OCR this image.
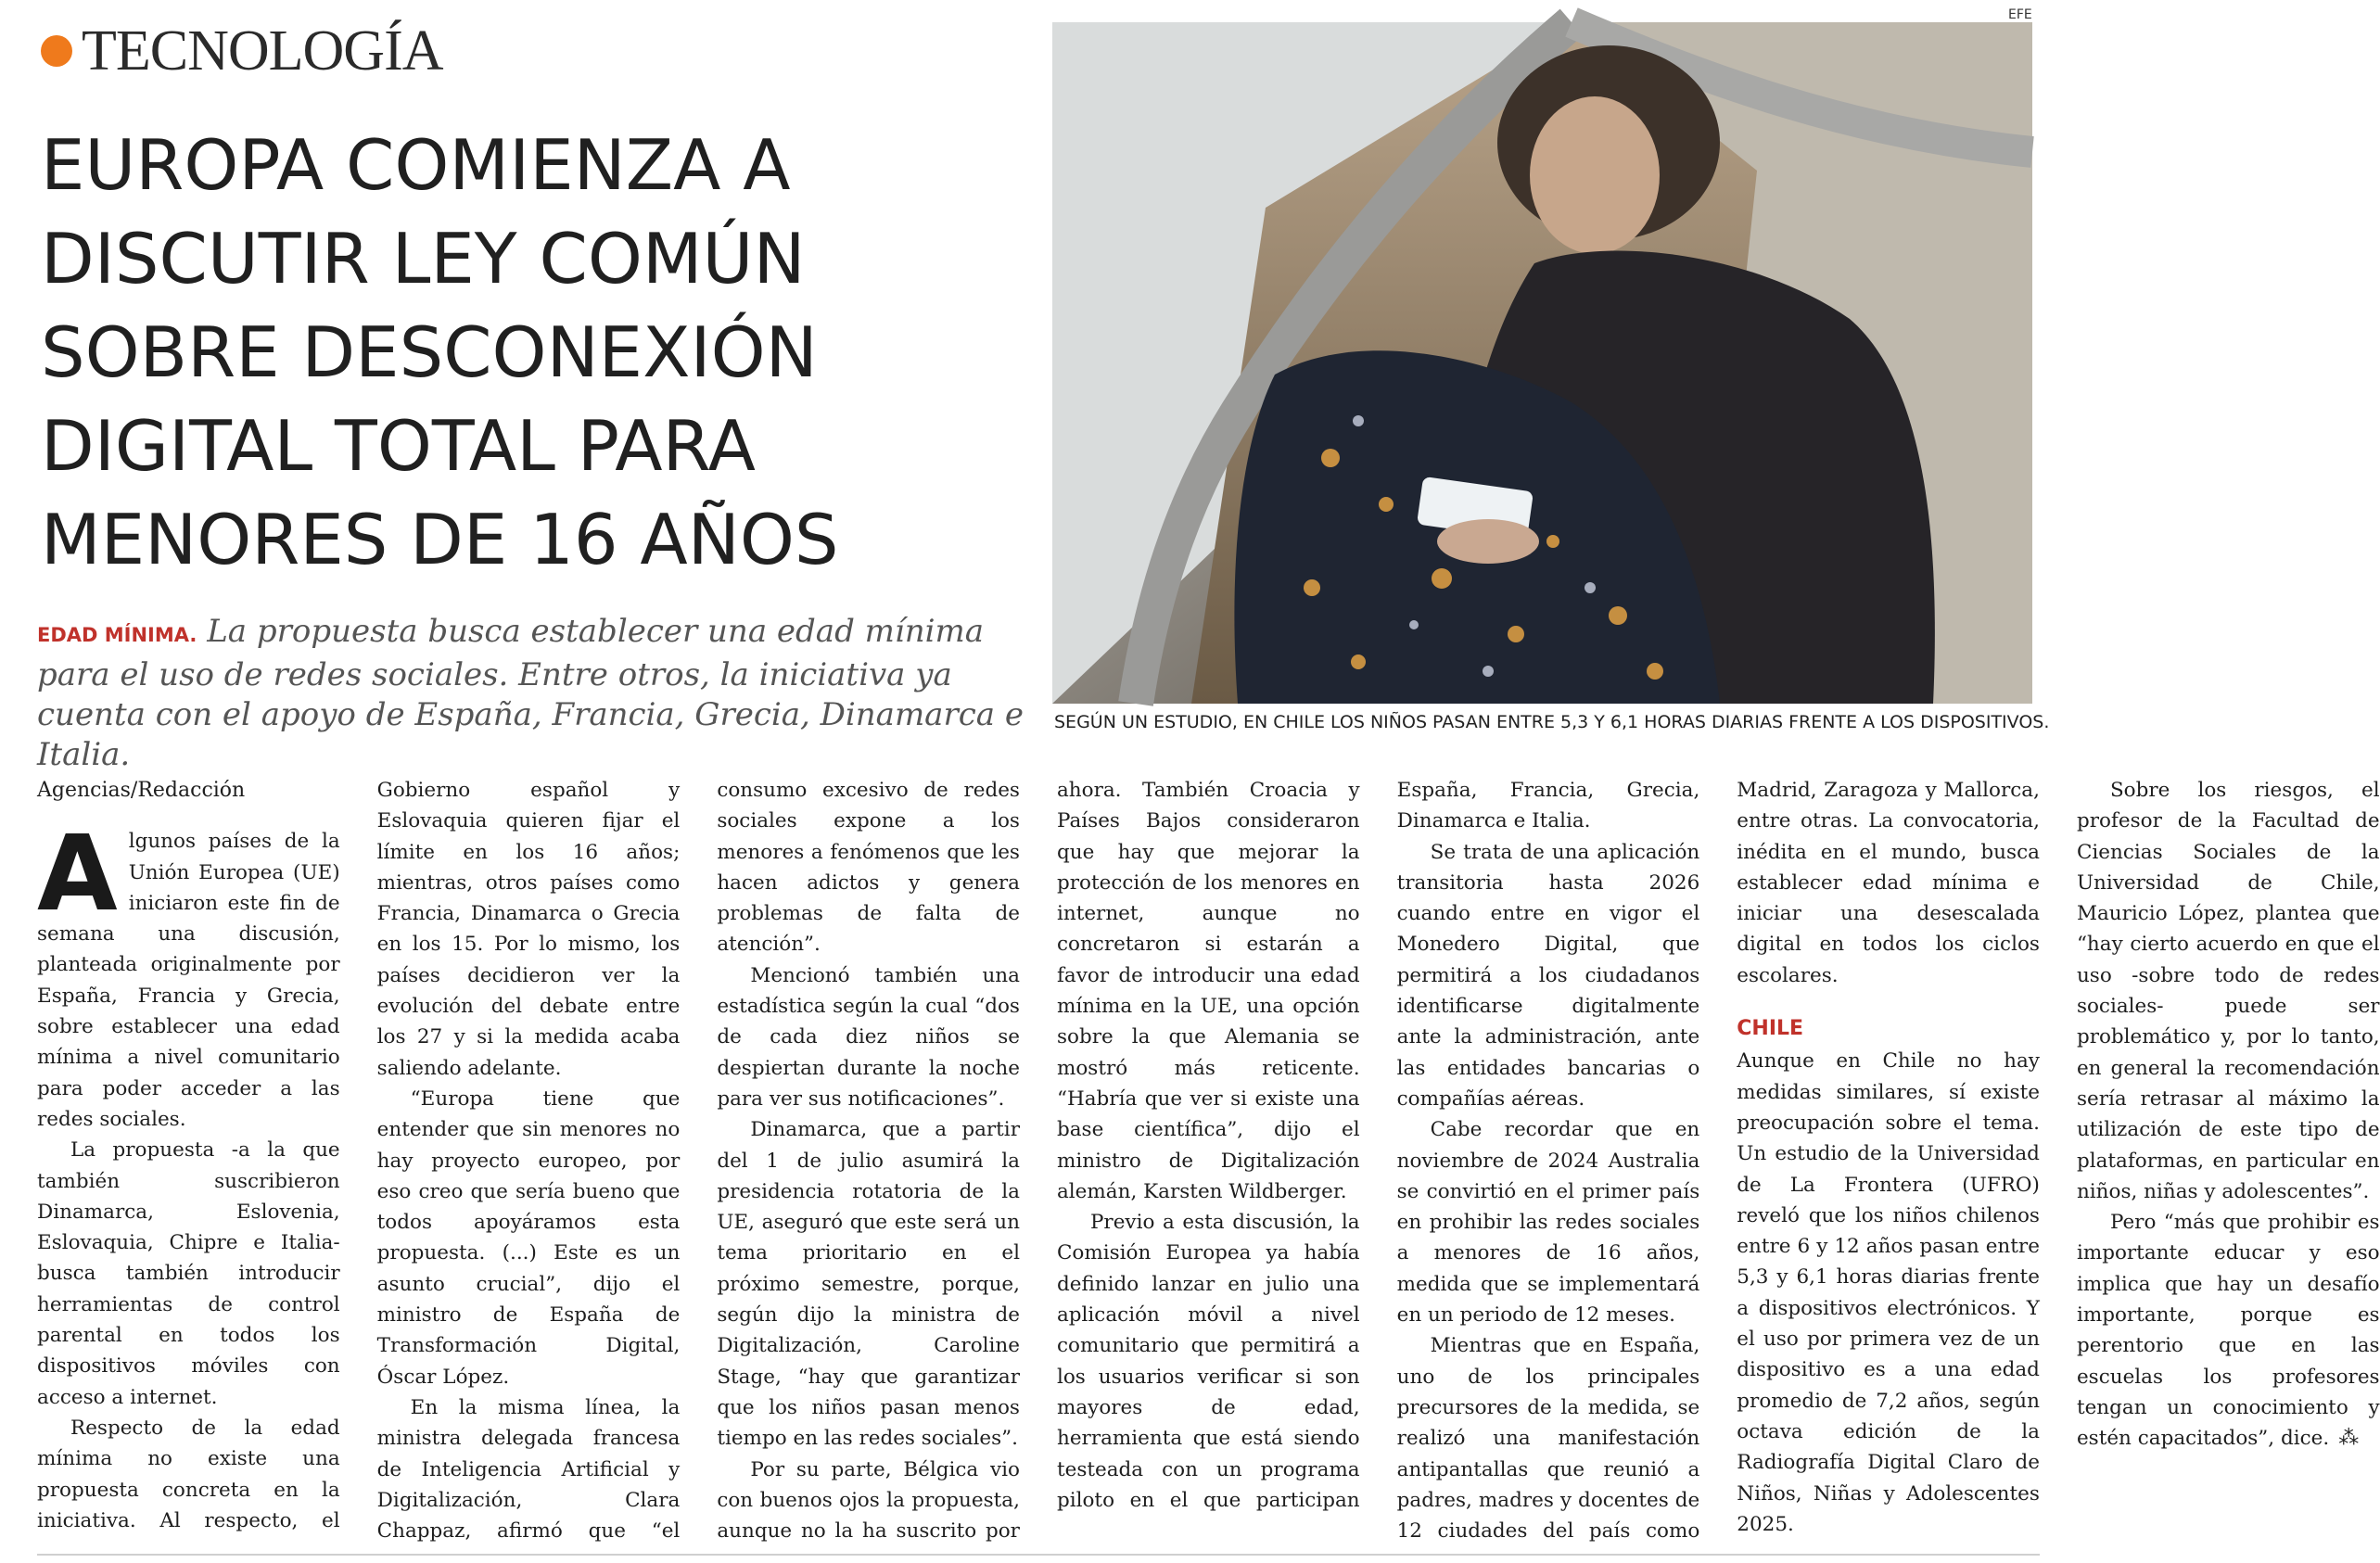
TECNOLOGÍA
EUROPA COMIENZA A
DISCUTIR LEY COMÚN
SOBRE DESCONEXIÓN
DIGITAL TOTAL PARA
MENORES DE 16 AÑOS
EDAD MÍNIMA. La propuesta busca establecer una edad mínima para el uso de redes sociales. Entre otros, la iniciativa ya cuenta con el apoyo de España, Francia, Grecia, Dinamarca e Italia.
EFE
SEGÚN UN ESTUDIO, EN CHILE LOS NIÑOS PASAN ENTRE 5,3 Y 6,1 HORAS DIARIAS FRENTE A LOS DISPOSITIVOS.

Agencias/Redacción

Algunos países de la Unión Europea (UE) iniciaron este fin de semana una discusión, planteada originalmente por España, Francia y Grecia, sobre establecer una edad mínima a nivel comunitario para poder acceder a las redes sociales.

La propuesta -a la que también suscribieron Dinamarca, Eslovenia, Eslovaquia, Chipre e Italia- busca también introducir herramientas de control parental en todos los dispositivos móviles con acceso a internet.

Respecto de la edad mínima no existe una propuesta concreta en la iniciativa. Al respecto, el Gobierno español y Eslovaquia quieren fijar el límite en los 16 años; mientras, otros países como Francia, Dinamarca o Grecia en los 15. Por lo mismo, los países decidieron ver la evolución del debate entre los 27 y si la medida acaba saliendo adelante.

“Europa tiene que entender que sin menores no hay proyecto europeo, por eso creo que sería bueno que todos apoyáramos esta propuesta. (...) Este es un asunto crucial”, dijo el ministro de España de Transformación Digital, Óscar López.

En la misma línea, la ministra delegada francesa de Inteligencia Artificial y Digitalización, Clara Chappaz, afirmó que “el consumo excesivo de redes sociales expone a los menores a fenómenos que les hacen adictos y genera problemas de falta de atención”.

Mencionó también una estadística según la cual “dos de cada diez niños se despiertan durante la noche para ver sus notificaciones”.

Dinamarca, que a partir del 1 de julio asumirá la presidencia rotatoria de la UE, aseguró que este será un tema prioritario en el próximo semestre, porque, según dijo la ministra de Digitalización, Caroline Stage, “hay que garantizar que los niños pasan menos tiempo en las redes sociales”.

Por su parte, Bélgica vio con buenos ojos la propuesta, aunque no la ha suscrito por ahora. También Croacia y Países Bajos consideraron que hay que mejorar la protección de los menores en internet, aunque no concretaron si estarán a favor de introducir una edad mínima en la UE, una opción sobre la que Alemania se mostró más reticente. “Habría que ver si existe una base científica”, dijo el ministro de Digitalización alemán, Karsten Wildberger.

Previo a esta discusión, la Comisión Europea ya había definido lanzar en julio una aplicación móvil a nivel comunitario que permitirá a los usuarios verificar si son mayores de edad, herramienta que está siendo testeada con un programa piloto en el que participan España, Francia, Grecia, Dinamarca e Italia.

Se trata de una aplicación transitoria hasta 2026 cuando entre en vigor el Monedero Digital, que permitirá a los ciudadanos identificarse digitalmente ante la administración, ante las entidades bancarias o compañías aéreas.

Cabe recordar que en noviembre de 2024 Australia se convirtió en el primer país en prohibir las redes sociales a menores de 16 años, medida que se implementará en un periodo de 12 meses.

Mientras que en España, uno de los principales precursores de la medida, se realizó una manifestación antipantallas que reunió a padres, madres y docentes de 12 ciudades del país como Madrid, Zaragoza y Mallorca, entre otras. La convocatoria, inédita en el mundo, busca establecer edad mínima e iniciar una desescalada digital en todos los ciclos escolares.

CHILE

Aunque en Chile no hay medidas similares, sí existe preocupación sobre el tema. Un estudio de la Universidad de La Frontera (UFRO) reveló que los niños chilenos entre 6 y 12 años pasan entre 5,3 y 6,1 horas diarias frente a dispositivos electrónicos. Y el uso por primera vez de un dispositivo es a una edad promedio de 7,2 años, según octava edición de la Radiografía Digital Claro de Niños, Niñas y Adolescentes 2025.

Sobre los riesgos, el profesor de la Facultad de Ciencias Sociales de la Universidad de Chile, Mauricio López, plantea que “hay cierto acuerdo en que el uso -sobre todo de redes sociales- puede ser problemático y, por lo tanto, en general la recomendación sería retrasar al máximo la utilización de este tipo de plataformas, en particular en niños, niñas y adolescentes”.

Pero “más que prohibir es importante educar y eso implica que hay un desafío importante, porque es perentorio que en las escuelas los profesores tengan un conocimiento y estén capacitados”, dice. ⁂
